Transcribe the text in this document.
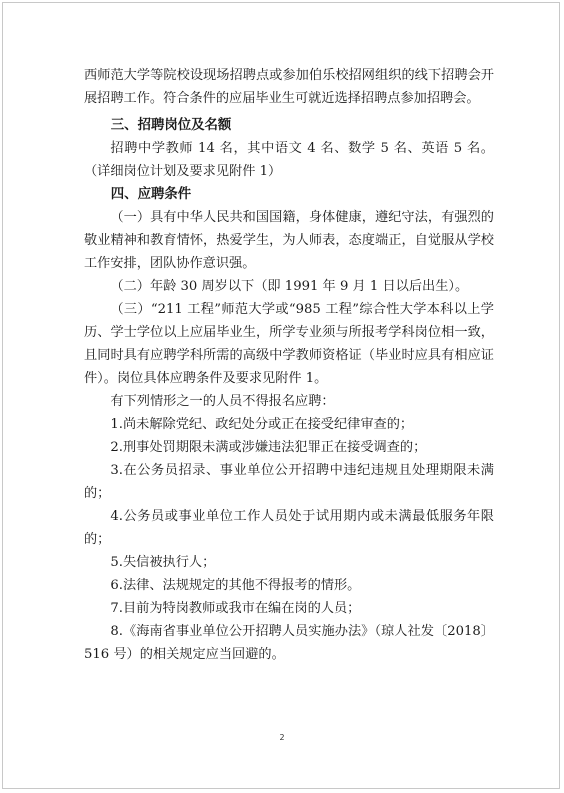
西师范大学等院校设现场招聘点或参加伯乐校招网组织的线下招聘会开展招聘工作。符合条件的应届毕业生可就近选择招聘点参加招聘会。

三、招聘岗位及名额

招聘中学教师 14 名，其中语文 4 名、数学 5 名、英语 5 名。（详细岗位计划及要求见附件 1）

四、应聘条件

（一）具有中华人民共和国国籍，身体健康，遵纪守法，有强烈的敬业精神和教育情怀，热爱学生，为人师表，态度端正，自觉服从学校工作安排，团队协作意识强。

（二）年龄 30 周岁以下（即 1991 年 9 月 1 日以后出生）。

（三）“211 工程”师范大学或“985 工程”综合性大学本科以上学历、学士学位以上应届毕业生，所学专业须与所报考学科岗位相一致，且同时具有应聘学科所需的高级中学教师资格证（毕业时应具有相应证件）。岗位具体应聘条件及要求见附件 1。

有下列情形之一的人员不得报名应聘：

1.尚未解除党纪、政纪处分或正在接受纪律审查的；

2.刑事处罚期限未满或涉嫌违法犯罪正在接受调查的；

3.在公务员招录、事业单位公开招聘中违纪违规且处理期限未满的；

4.公务员或事业单位工作人员处于试用期内或未满最低服务年限的；

5.失信被执行人；

6.法律、法规规定的其他不得报考的情形。

7.目前为特岗教师或我市在编在岗的人员；

8.《海南省事业单位公开招聘人员实施办法》（琼人社发〔2018〕516 号）的相关规定应当回避的。

2
